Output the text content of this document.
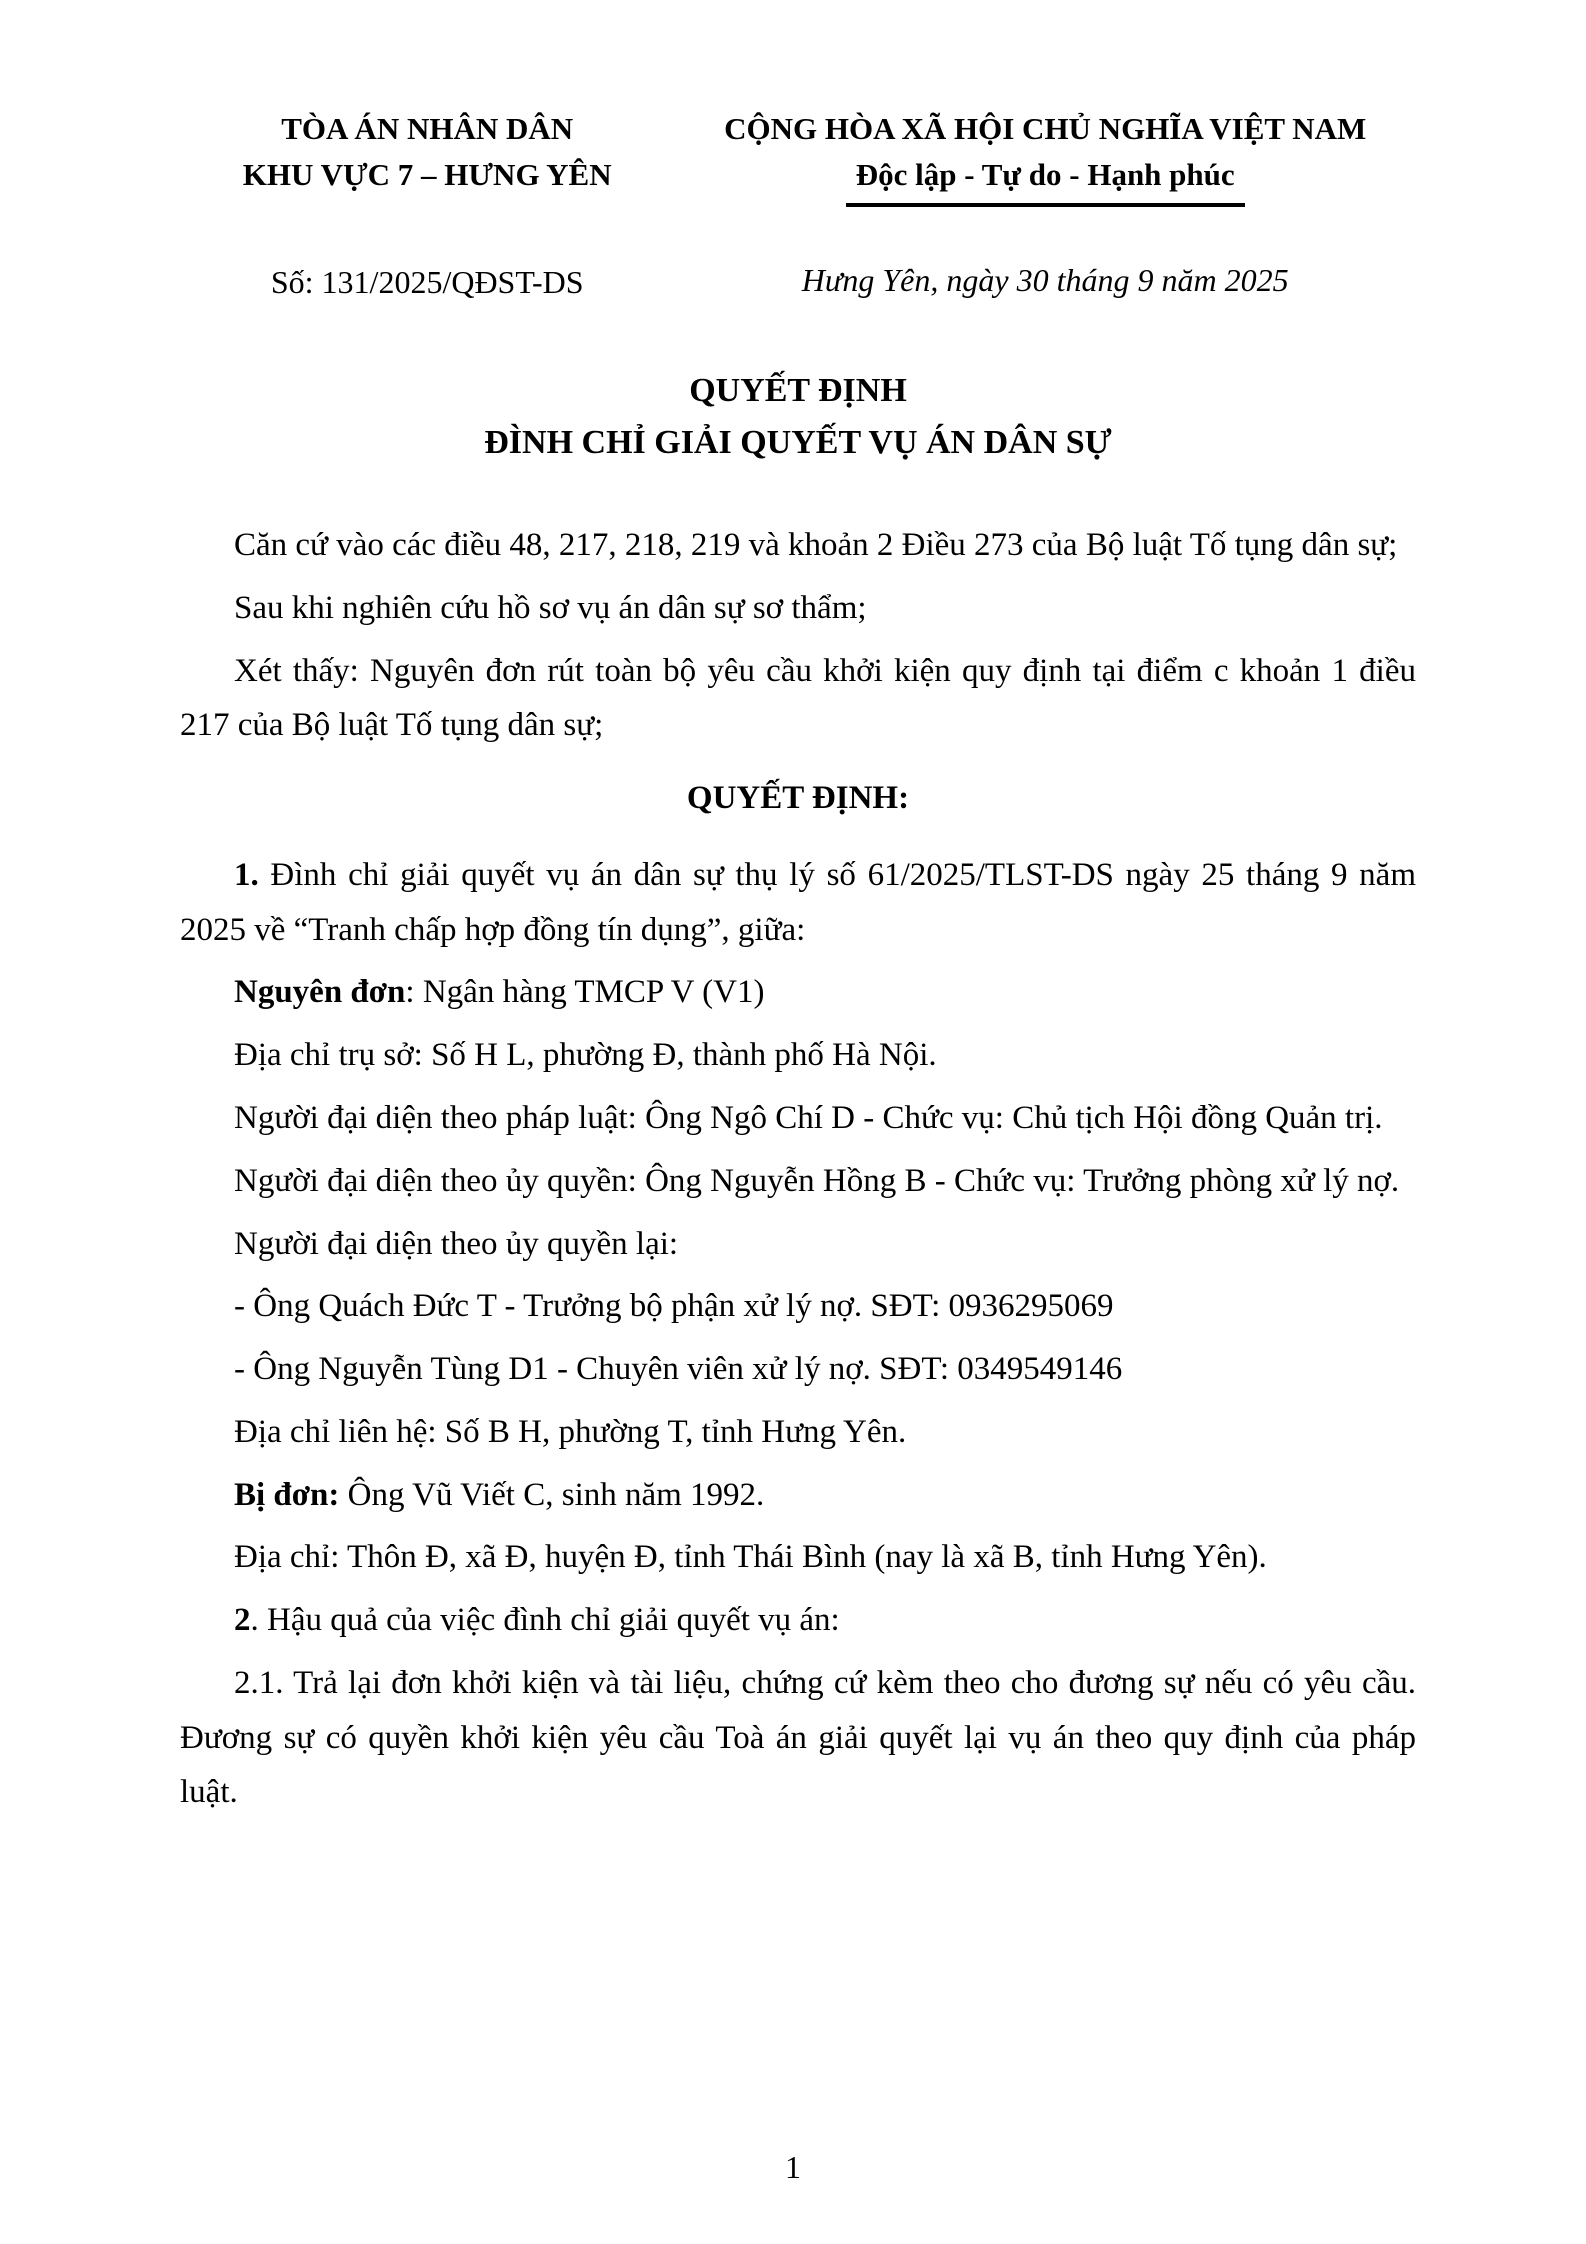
TÒA ÁN NHÂN DÂN
KHU VỰC 7 – HƯNG YÊN
Số: 131/2025/QĐST-DS
CỘNG HÒA XÃ HỘI CHỦ NGHĨA VIỆT NAM
Độc lập - Tự do - Hạnh phúc
Hưng Yên, ngày 30 tháng 9 năm 2025
QUYẾT ĐỊNH
ĐÌNH CHỈ GIẢI QUYẾT VỤ ÁN DÂN SỰ

Căn cứ vào các điều 48, 217, 218, 219 và khoản 2 Điều 273 của Bộ luật Tố tụng dân sự;

Sau khi nghiên cứu hồ sơ vụ án dân sự sơ thẩm;

Xét thấy: Nguyên đơn rút toàn bộ yêu cầu khởi kiện quy định tại điểm c khoản 1 điều 217 của Bộ luật Tố tụng dân sự;

QUYẾT ĐỊNH:

1. Đình chỉ giải quyết vụ án dân sự thụ lý số 61/2025/TLST-DS ngày 25 tháng 9 năm 2025 về “Tranh chấp hợp đồng tín dụng”, giữa:

Nguyên đơn: Ngân hàng TMCP V (V1)

Địa chỉ trụ sở: Số H L, phường Đ, thành phố Hà Nội.

Người đại diện theo pháp luật: Ông Ngô Chí D - Chức vụ: Chủ tịch Hội đồng Quản trị.

Người đại diện theo ủy quyền: Ông Nguyễn Hồng B - Chức vụ: Trưởng phòng xử lý nợ.

Người đại diện theo ủy quyền lại:

- Ông Quách Đức T - Trưởng bộ phận xử lý nợ. SĐT: 0936295069

- Ông Nguyễn Tùng D1 - Chuyên viên xử lý nợ. SĐT: 0349549146

Địa chỉ liên hệ: Số B H, phường T, tỉnh Hưng Yên.

Bị đơn: Ông Vũ Viết C, sinh năm 1992.

Địa chỉ: Thôn Đ, xã Đ, huyện Đ, tỉnh Thái Bình (nay là xã B, tỉnh Hưng Yên).

2. Hậu quả của việc đình chỉ giải quyết vụ án:

2.1. Trả lại đơn khởi kiện và tài liệu, chứng cứ kèm theo cho đương sự nếu có yêu cầu. Đương sự có quyền khởi kiện yêu cầu Toà án giải quyết lại vụ án theo quy định của pháp luật.

1
